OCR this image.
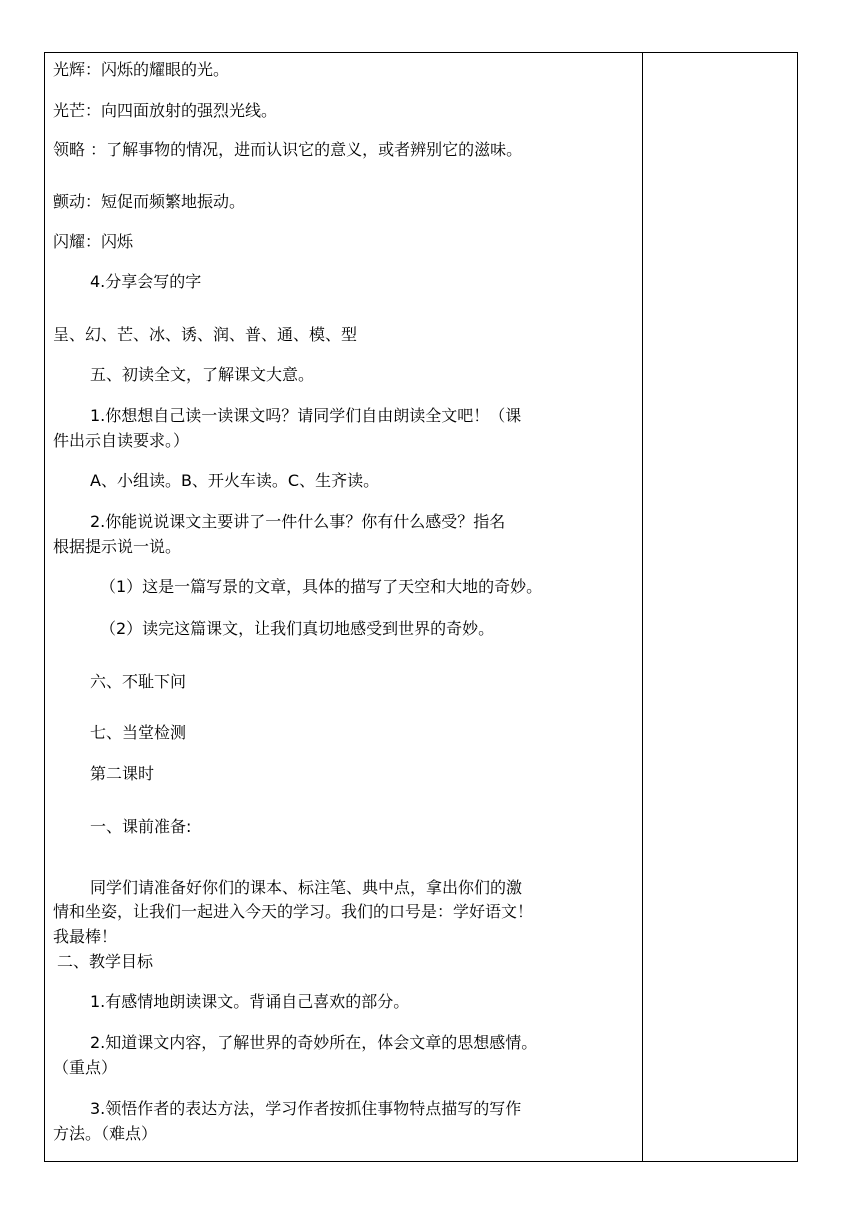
光辉：闪烁的耀眼的光。
光芒：向四面放射的强烈光线。
领略 ：了解事物的情况，进而认识它的意义，或者辨别它的滋味。
颤动：短促而频繁地振动。
闪耀：闪烁
4.分享会写的字
呈、幻、芒、冰、诱、润、普、通、模、型
五、初读全文，了解课文大意。
1.你想想自己读一读课文吗？请同学们自由朗读全文吧！（课
件出示自读要求。）
A、小组读。B、开火车读。C、生齐读。
2.你能说说课文主要讲了一件什么事？你有什么感受？指名
根据提示说一说。
（1）这是一篇写景的文章，具体的描写了天空和大地的奇妙。
（2）读完这篇课文，让我们真切地感受到世界的奇妙。
六、不耻下问
七、当堂检测
第二课时
一、课前准备:
同学们请准备好你们的课本、标注笔、典中点，拿出你们的激
情和坐姿，让我们一起进入今天的学习。我们的口号是：学好语文！
我最棒！
二、教学目标
1.有感情地朗读课文。背诵自己喜欢的部分。
2.知道课文内容，了解世界的奇妙所在，体会文章的思想感情。
（重点）
3.领悟作者的表达方法，学习作者按抓住事物特点描写的写作
方法。（难点）
